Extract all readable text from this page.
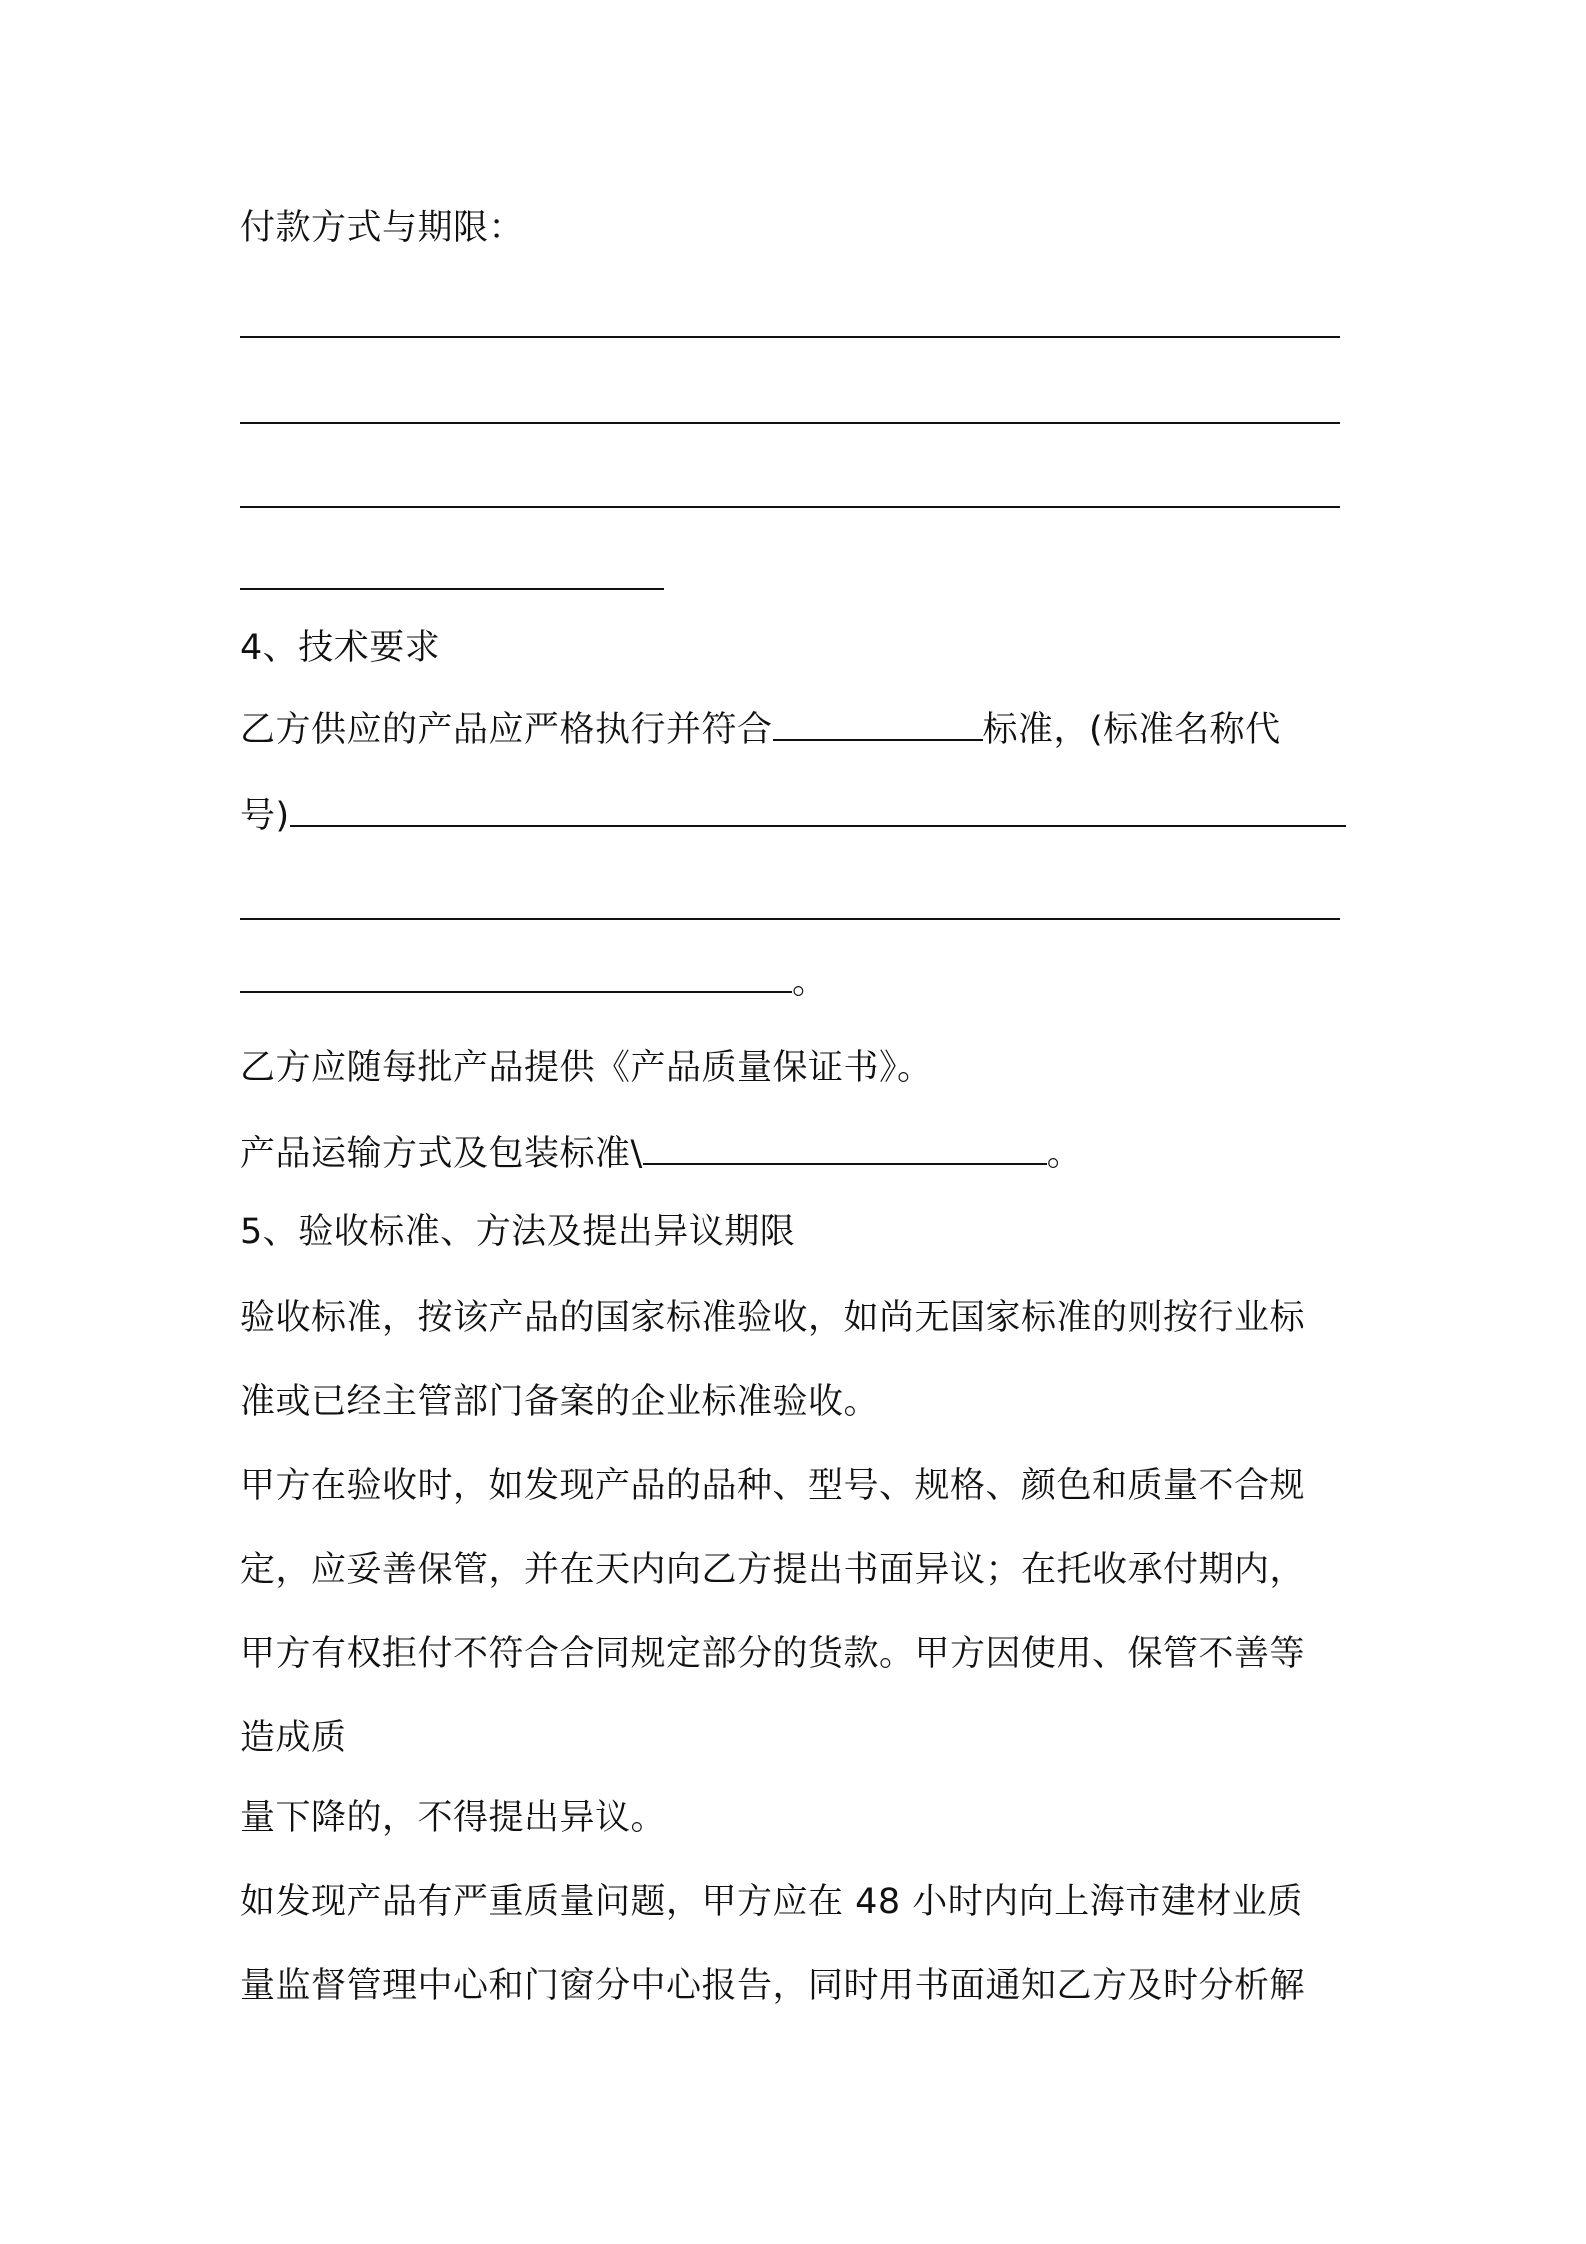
付款方式与期限：
4、技术要求
乙方供应的产品应严格执行并符合	标准，(标准名称代
号)
。
乙方应随每批产品提供《产品质量保证书》。
产品运输方式及包装标准\	。
5、验收标准、方法及提出异议期限
验收标准，按该产品的国家标准验收，如尚无国家标准的则按行业标
准或已经主管部门备案的企业标准验收。
甲方在验收时，如发现产品的品种、型号、规格、颜色和质量不合规
定，应妥善保管，并在天内向乙方提出书面异议；在托收承付期内，
甲方有权拒付不符合合同规定部分的货款。甲方因使用、保管不善等
造成质
量下降的，不得提出异议。
如发现产品有严重质量问题，甲方应在 48 小时内向上海市建材业质
量监督管理中心和门窗分中心报告，同时用书面通知乙方及时分析解
